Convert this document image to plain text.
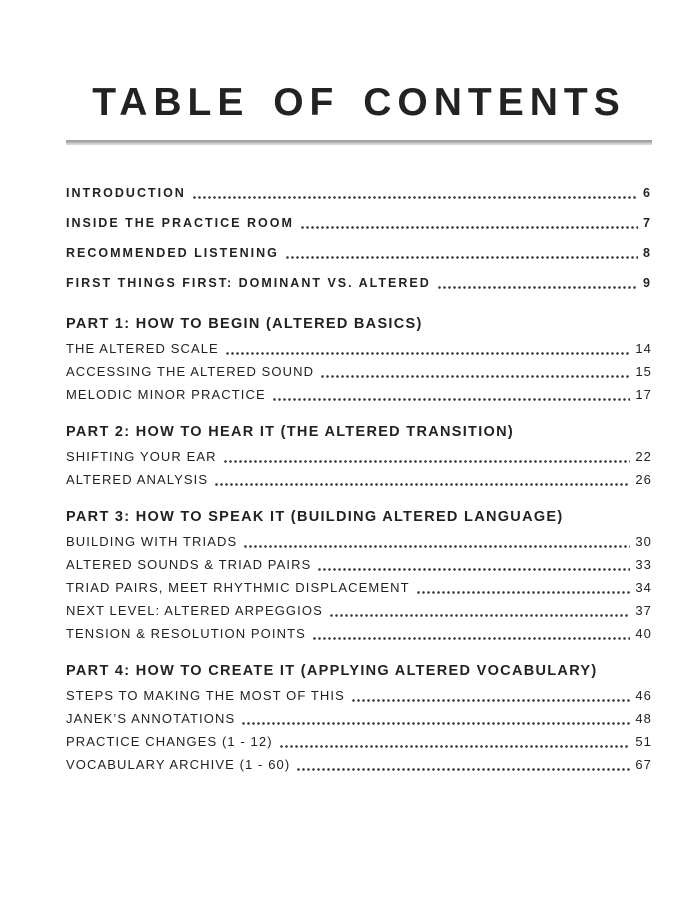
TABLE OF CONTENTS
INTRODUCTION	6
INSIDE THE PRACTICE ROOM	7
RECOMMENDED LISTENING	8
FIRST THINGS FIRST: DOMINANT VS. ALTERED	9
PART 1: HOW TO BEGIN (ALTERED BASICS)
THE ALTERED SCALE	14
ACCESSING THE ALTERED SOUND	15
MELODIC MINOR PRACTICE	17
PART 2: HOW TO HEAR IT (THE ALTERED TRANSITION)
SHIFTING YOUR EAR	22
ALTERED ANALYSIS	26
PART 3: HOW TO SPEAK IT (BUILDING ALTERED LANGUAGE)
BUILDING WITH TRIADS	30
ALTERED SOUNDS & TRIAD PAIRS	33
TRIAD PAIRS, MEET RHYTHMIC DISPLACEMENT	34
NEXT LEVEL: ALTERED ARPEGGIOS	37
TENSION & RESOLUTION POINTS	40
PART 4: HOW TO CREATE IT (APPLYING ALTERED VOCABULARY)
STEPS TO MAKING THE MOST OF THIS	46
JANEK’S ANNOTATIONS	48
PRACTICE CHANGES (1 - 12)	51
VOCABULARY ARCHIVE (1 - 60)	67
